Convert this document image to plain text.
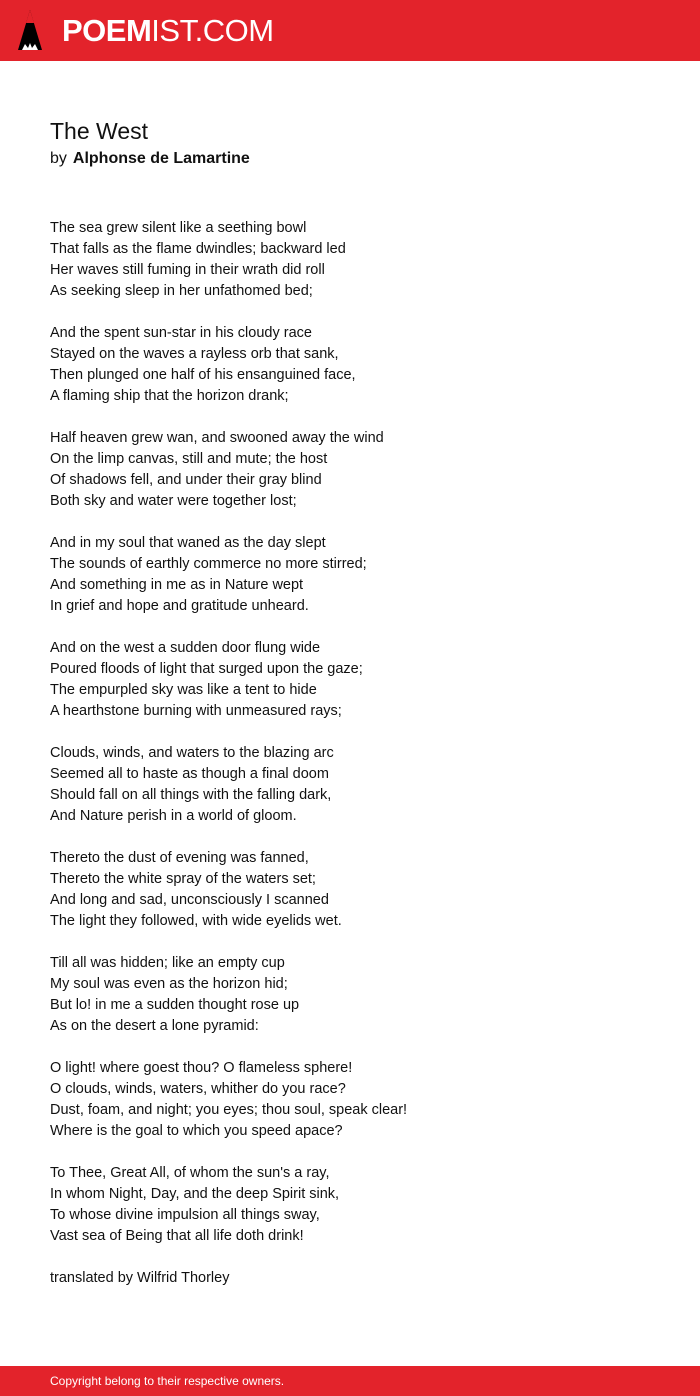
POEMIST.COM
The West
by Alphonse de Lamartine

The sea grew silent like a seething bowl
That falls as the flame dwindles; backward led
Her waves still fuming in their wrath did roll
As seeking sleep in her unfathomed bed;

And the spent sun-star in his cloudy race
Stayed on the waves a rayless orb that sank,
Then plunged one half of his ensanguined face,
A flaming ship that the horizon drank;

Half heaven grew wan, and swooned away the wind
On the limp canvas, still and mute; the host
Of shadows fell, and under their gray blind
Both sky and water were together lost;

And in my soul that waned as the day slept
The sounds of earthly commerce no more stirred;
And something in me as in Nature wept
In grief and hope and gratitude unheard.

And on the west a sudden door flung wide
Poured floods of light that surged upon the gaze;
The empurpled sky was like a tent to hide
A hearthstone burning with unmeasured rays;

Clouds, winds, and waters to the blazing arc
Seemed all to haste as though a final doom
Should fall on all things with the falling dark,
And Nature perish in a world of gloom.

Thereto the dust of evening was fanned,
Thereto the white spray of the waters set;
And long and sad, unconsciously I scanned
The light they followed, with wide eyelids wet.

Till all was hidden; like an empty cup
My soul was even as the horizon hid;
But lo! in me a sudden thought rose up
As on the desert a lone pyramid:

O light! where goest thou? O flameless sphere!
O clouds, winds, waters, whither do you race?
Dust, foam, and night; you eyes; thou soul, speak clear!
Where is the goal to which you speed apace?

To Thee, Great All, of whom the sun's a ray,
In whom Night, Day, and the deep Spirit sink,
To whose divine impulsion all things sway,
Vast sea of Being that all life doth drink!

translated by Wilfrid Thorley
Copyright belong to their respective owners.
